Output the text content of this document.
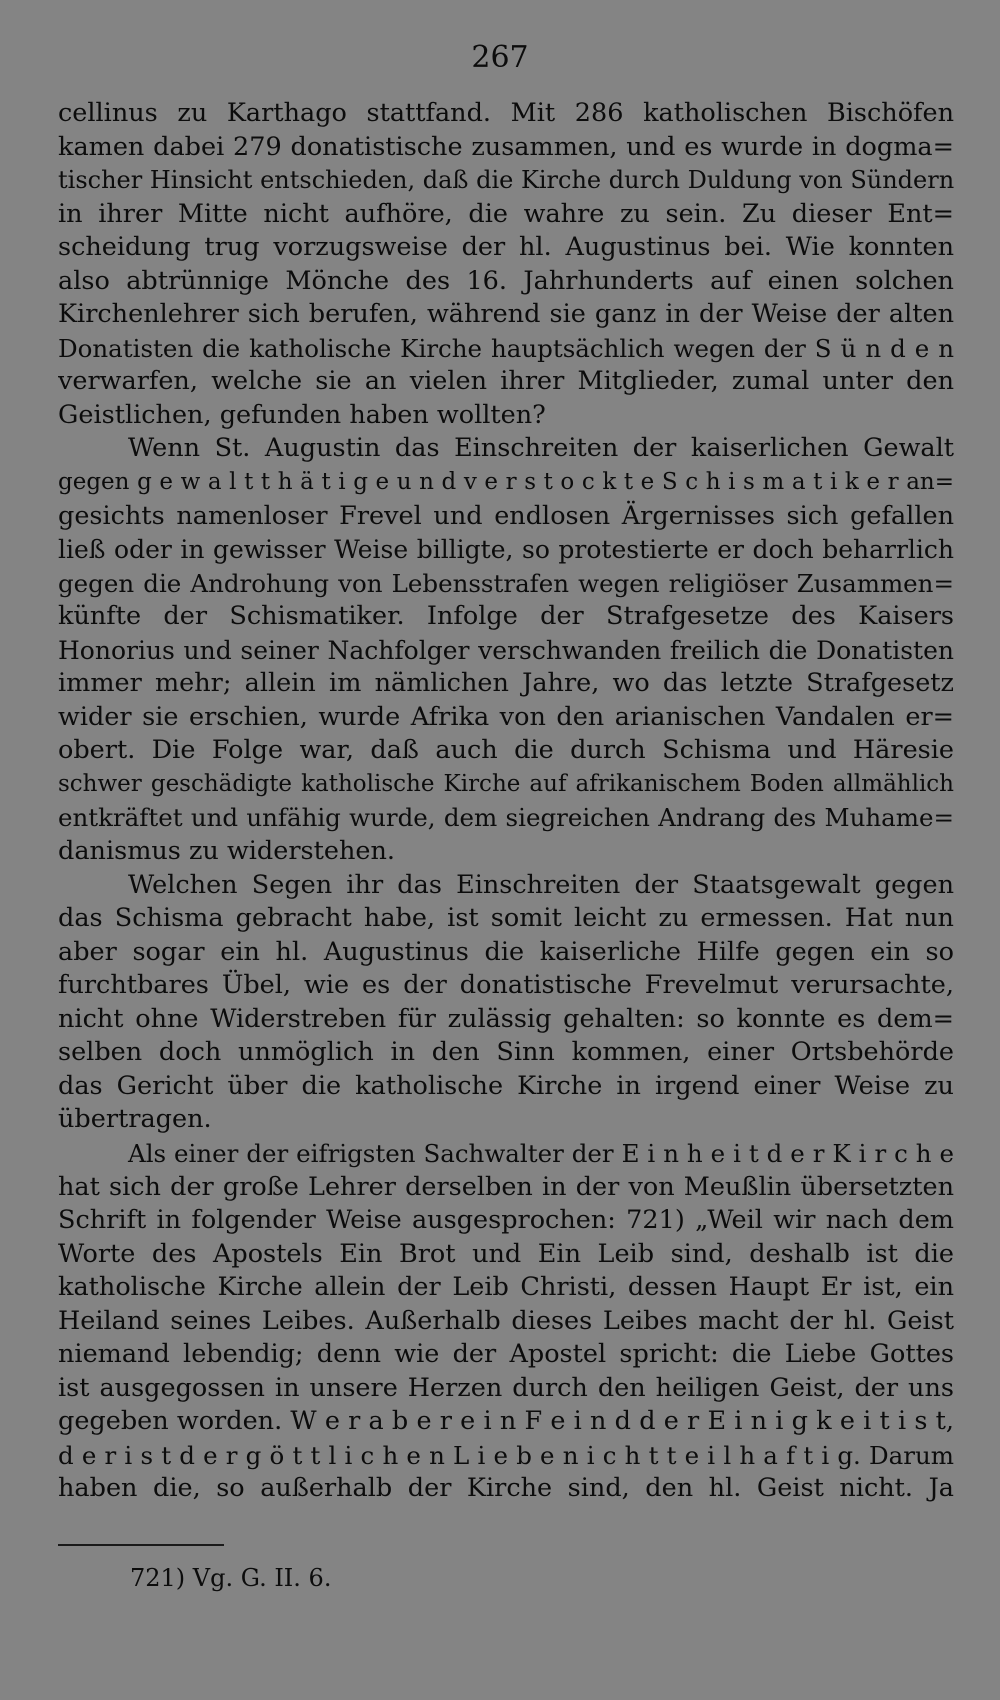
267
cellinus zu Karthago stattfand. Mit 286 katholischen Bischöfen
kamen dabei 279 donatistische zusammen, und es wurde in dogma=
tischer Hinsicht entschieden, daß die Kirche durch Duldung von Sündern
in ihrer Mitte nicht aufhöre, die wahre zu sein. Zu dieser Ent=
scheidung trug vorzugsweise der hl. Augustinus bei. Wie konnten
also abtrünnige Mönche des 16. Jahrhunderts auf einen solchen
Kirchenlehrer sich berufen, während sie ganz in der Weise der alten
Donatisten die katholische Kirche hauptsächlich wegen der S ü n d e n
verwarfen, welche sie an vielen ihrer Mitglieder, zumal unter den
Geistlichen, gefunden haben wollten?
Wenn St. Augustin das Einschreiten der kaiserlichen Gewalt
gegen g e w a l t t h ä t i g e u n d v e r s t o c k t e S c h i s m a t i k e r an=
gesichts namenloser Frevel und endlosen Ärgernisses sich gefallen
ließ oder in gewisser Weise billigte, so protestierte er doch beharrlich
gegen die Androhung von Lebensstrafen wegen religiöser Zusammen=
künfte der Schismatiker. Infolge der Strafgesetze des Kaisers
Honorius und seiner Nachfolger verschwanden freilich die Donatisten
immer mehr; allein im nämlichen Jahre, wo das letzte Strafgesetz
wider sie erschien, wurde Afrika von den arianischen Vandalen er=
obert. Die Folge war, daß auch die durch Schisma und Häresie
schwer geschädigte katholische Kirche auf afrikanischem Boden allmählich
entkräftet und unfähig wurde, dem siegreichen Andrang des Muhame=
danismus zu widerstehen.
Welchen Segen ihr das Einschreiten der Staatsgewalt gegen
das Schisma gebracht habe, ist somit leicht zu ermessen. Hat nun
aber sogar ein hl. Augustinus die kaiserliche Hilfe gegen ein so
furchtbares Übel, wie es der donatistische Frevelmut verursachte,
nicht ohne Widerstreben für zulässig gehalten: so konnte es dem=
selben doch unmöglich in den Sinn kommen, einer Ortsbehörde
das Gericht über die katholische Kirche in irgend einer Weise zu
übertragen.
Als einer der eifrigsten Sachwalter der E i n h e i t d e r K i r c h e
hat sich der große Lehrer derselben in der von Meußlin übersetzten
Schrift in folgender Weise ausgesprochen: 721) „Weil wir nach dem
Worte des Apostels Ein Brot und Ein Leib sind, deshalb ist die
katholische Kirche allein der Leib Christi, dessen Haupt Er ist, ein
Heiland seines Leibes. Außerhalb dieses Leibes macht der hl. Geist
niemand lebendig; denn wie der Apostel spricht: die Liebe Gottes
ist ausgegossen in unsere Herzen durch den heiligen Geist, der uns
gegeben worden. W e r a b e r e i n F e i n d d e r E i n i g k e i t i s t,
d e r i s t d e r g ö t t l i c h e n L i e b e n i c h t t e i l h a f t i g. Darum
haben die, so außerhalb der Kirche sind, den hl. Geist nicht. Ja
721) Vg. G. II. 6.
